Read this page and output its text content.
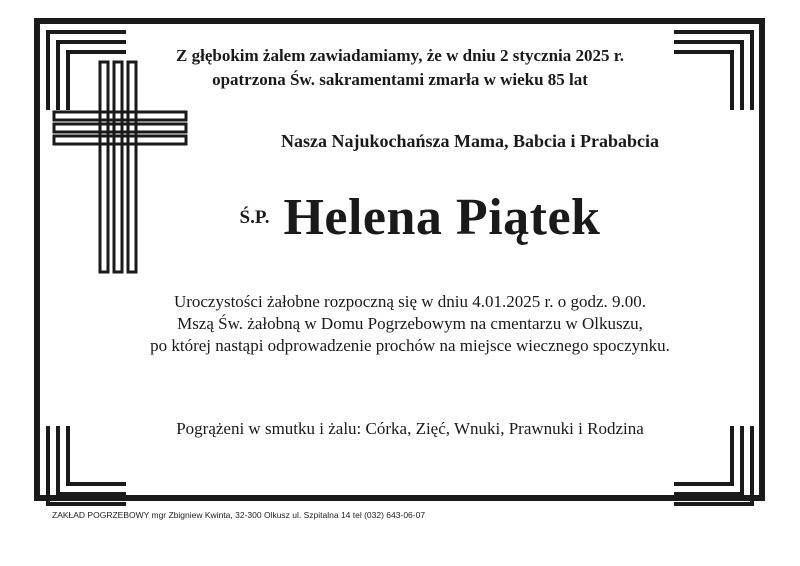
Z głębokim żalem zawiadamiamy, że w dniu 2 stycznia 2025 r.
opatrzona Św. sakramentami zmarła w wieku 85 lat
Nasza Najukochańsza Mama, Babcia i Prababcia
Ś.P. Helena Piątek
Uroczystości żałobne rozpoczną się w dniu 4.01.2025 r. o godz. 9.00.
Mszą Św. żałobną w Domu Pogrzebowym na cmentarzu w Olkuszu,
po której nastąpi odprowadzenie prochów na miejsce wiecznego spoczynku.
Pogrążeni w smutku i żalu: Córka, Zięć, Wnuki, Prawnuki i Rodzina
ZAKŁAD POGRZEBOWY mgr Zbigniew Kwinta, 32-300 Olkusz ul. Szpitalna 14 tel (032) 643-06-07
